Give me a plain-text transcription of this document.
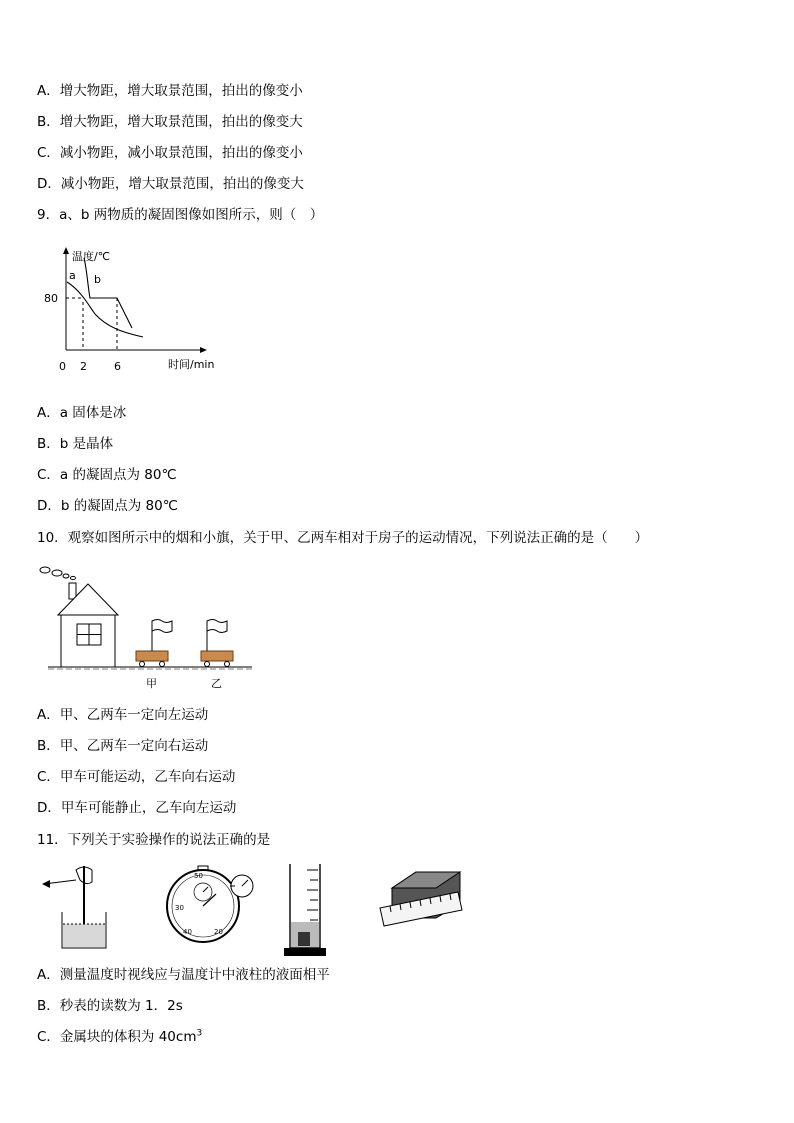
A．增大物距，增大取景范围，拍出的像变小
B．增大物距，增大取景范围，拍出的像变大
C．减小物距，减小取景范围，拍出的像变小
D．减小物距，增大取景范围，拍出的像变大
9．a、b 两物质的凝固图像如图所示，则（　）
温度/℃
时间/min
80
0 2 6
a b
A．a 固体是冰
B．b 是晶体
C．a 的凝固点为 80℃
D．b 的凝固点为 80℃
10．观察如图所示中的烟和小旗，关于甲、乙两车相对于房子的运动情况，下列说法正确的是（　　）
甲	乙
A．甲、乙两车一定向左运动
B．甲、乙两车一定向右运动
C．甲车可能运动，乙车向右运动
D．甲车可能静止，乙车向左运动
11．下列关于实验操作的说法正确的是
30
50
40	20
A．测量温度时视线应与温度计中液柱的液面相平
B．秒表的读数为 1．2s
C．金属块的体积为 $40cm^3$
